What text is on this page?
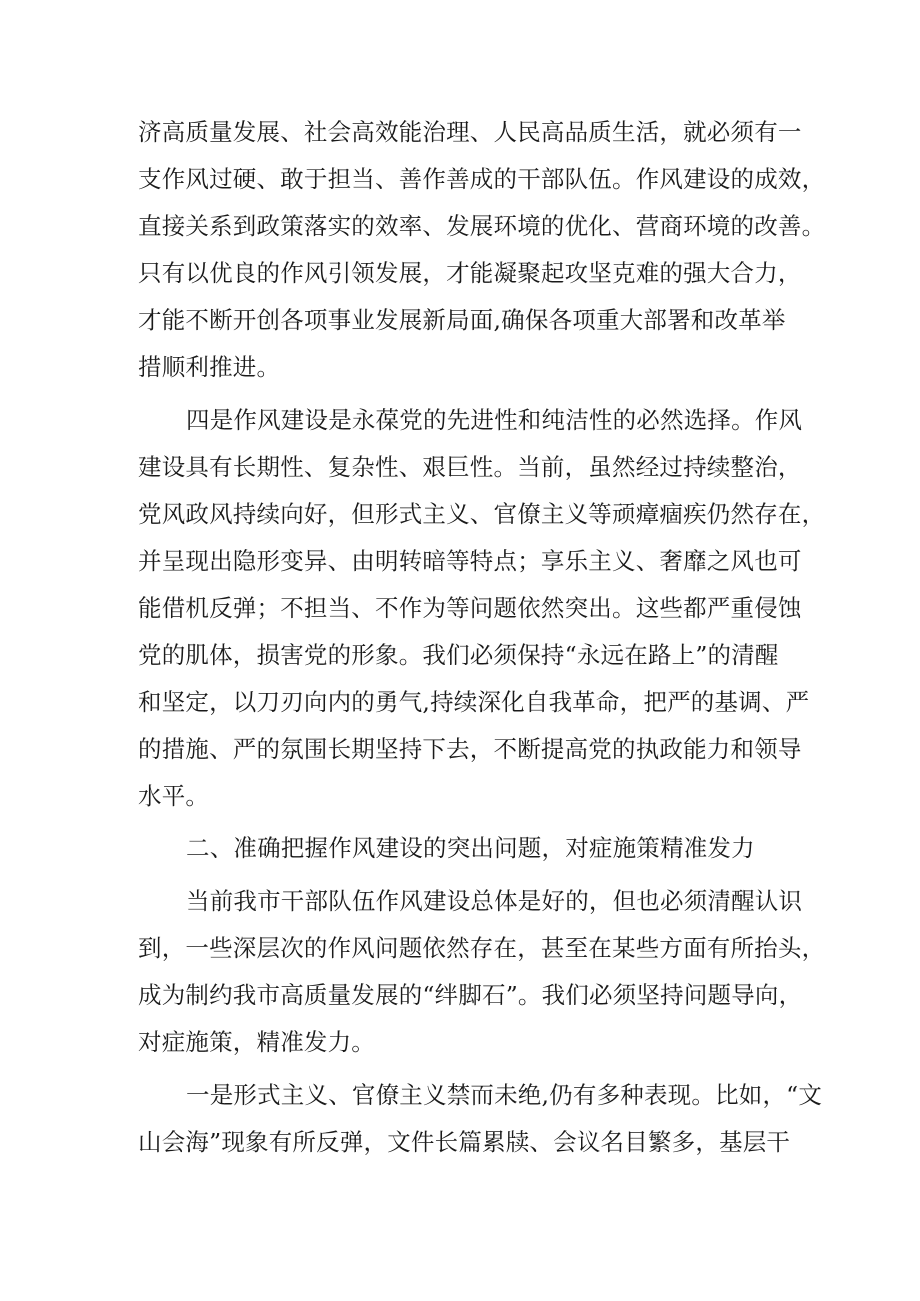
济高质量发展、社会高效能治理、人民高品质生活，就必须有一
支作风过硬、敢于担当、善作善成的干部队伍。作风建设的成效，
直接关系到政策落实的效率、发展环境的优化、营商环境的改善。
只有以优良的作风引领发展，才能凝聚起攻坚克难的强大合力，
才能不断开创各项事业发展新局面,确保各项重大部署和改革举
措顺利推进。
四是作风建设是永葆党的先进性和纯洁性的必然选择。作风
建设具有长期性、复杂性、艰巨性。当前，虽然经过持续整治，
党风政风持续向好，但形式主义、官僚主义等顽瘴痼疾仍然存在，
并呈现出隐形变异、由明转暗等特点；享乐主义、奢靡之风也可
能借机反弹；不担当、不作为等问题依然突出。这些都严重侵蚀
党的肌体，损害党的形象。我们必须保持“永远在路上”的清醒
和坚定，以刀刃向内的勇气,持续深化自我革命，把严的基调、严
的措施、严的氛围长期坚持下去，不断提高党的执政能力和领导
水平。
二、准确把握作风建设的突出问题，对症施策精准发力
当前我市干部队伍作风建设总体是好的，但也必须清醒认识
到，一些深层次的作风问题依然存在，甚至在某些方面有所抬头，
成为制约我市高质量发展的“绊脚石”。我们必须坚持问题导向，
对症施策，精准发力。
一是形式主义、官僚主义禁而未绝,仍有多种表现。比如，“文
山会海”现象有所反弹，文件长篇累牍、会议名目繁多，基层干
